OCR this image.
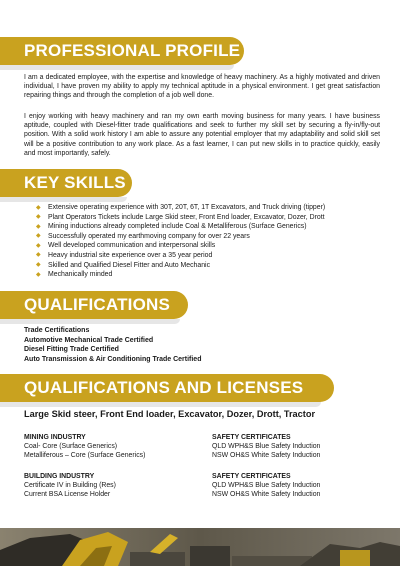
PROFESSIONAL PROFILE

I am a dedicated employee, with the expertise and knowledge of heavy machinery. As a highly motivated and driven individual, I have proven my ability to apply my technical aptitude in a physical environment. I get great satisfaction repairing things and through the completion of a job well done.

I enjoy working with heavy machinery and ran my own earth moving business for many years. I have business aptitude, coupled with Diesel-fitter trade qualifications and seek to further my skill set by securing a fly-in/fly-out position. With a solid work history I am able to assure any potential employer that my adaptability and solid skill set will be a positive contribution to any work place. As a fast learner, I can put new skills in to practice quickly, easily and most importantly, safely.

KEY SKILLS
◆ Extensive operating experience with 30T, 20T, 6T, 1T Excavators, and Truck driving (tipper)
◆ Plant Operators Tickets include Large Skid steer, Front End loader, Excavator, Dozer, Drott
◆ Mining inductions already completed include Coal & Metalliferous (Surface Generics)
◆ Successfully operated my earthmoving company for over 22 years
◆ Well developed communication and interpersonal skills
◆ Heavy industrial site experience over a 35 year period
◆ Skilled and Qualified Diesel Fitter and Auto Mechanic
◆ Mechanically minded
QUALIFICATIONS
Trade Certifications
Automotive Mechanical Trade Certified
Diesel Fitting Trade Certified
Auto Transmission & Air Conditioning Trade Certified
QUALIFICATIONS AND LICENSES
Large Skid steer, Front End loader, Excavator, Dozer, Drott, Tractor
MINING INDUSTRY
Coal- Core (Surface Generics)
Metalliferous – Core (Surface Generics)
SAFETY CERTIFICATES
QLD WPH&S Blue Safety Induction
NSW OH&S White Safety Induction
BUILDING INDUSTRY
Certificate IV in Building (Res)
Current BSA License Holder
SAFETY CERTIFICATES
QLD WPH&S Blue Safety Induction
NSW OH&S White Safety Induction
